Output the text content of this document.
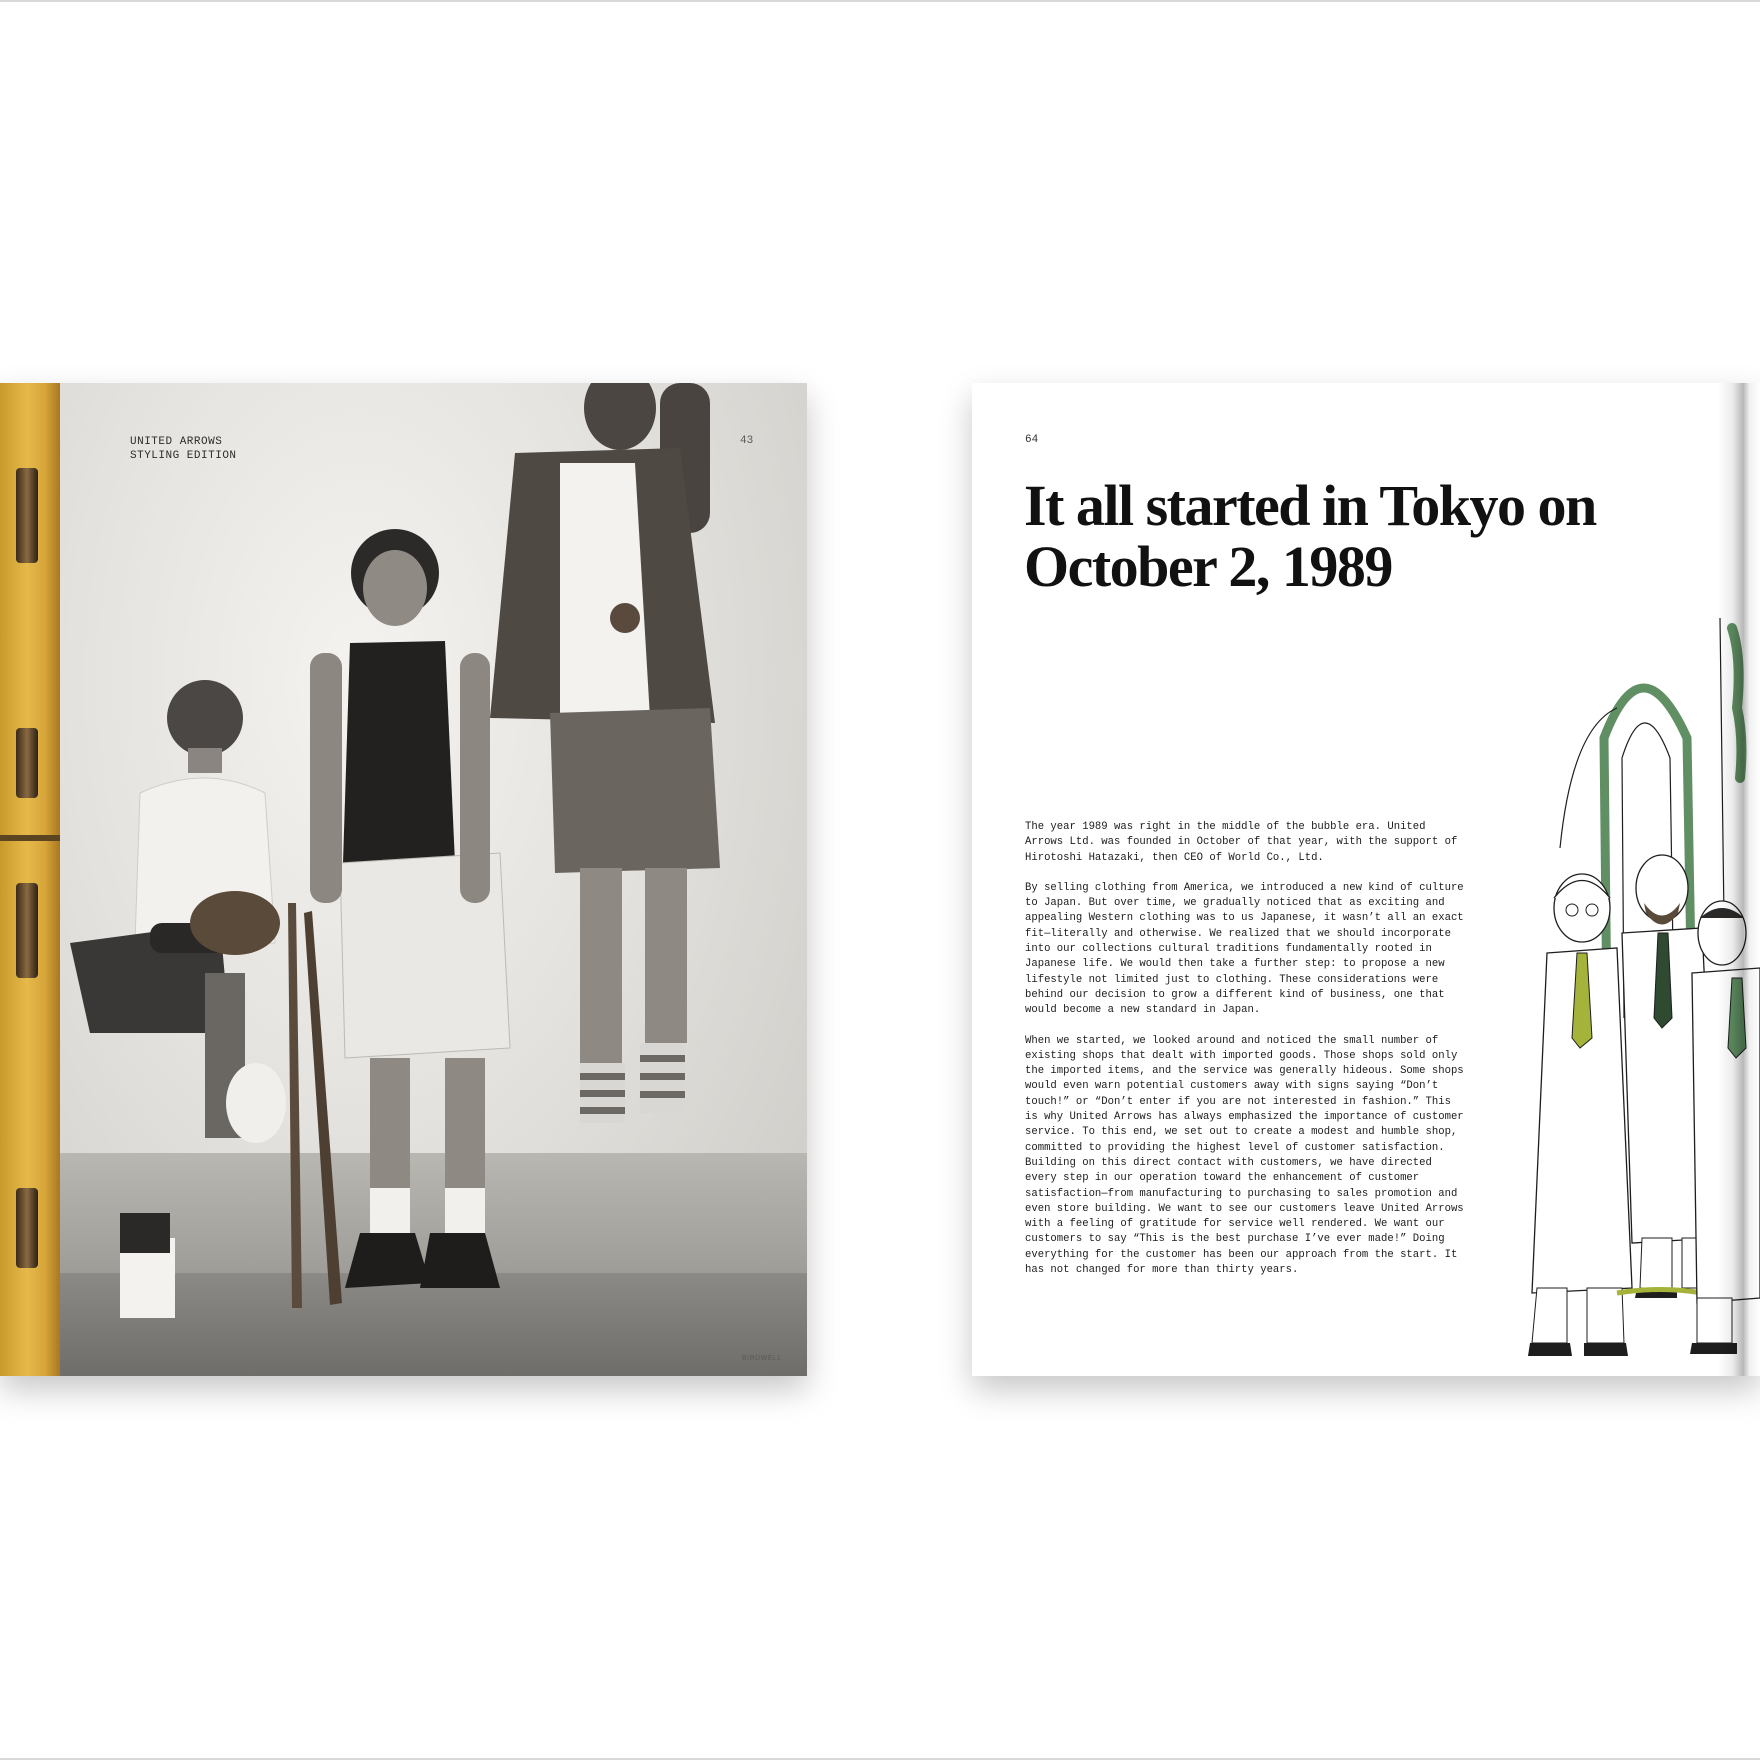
UNITED ARROWS
STYLING EDITION
43
BIRDWELL
64
It all started in Tokyo on October 2, 1989

The year 1989 was right in the middle of the bubble era. United Arrows Ltd. was founded in October of that year, with the support of Hirotoshi Hatazaki, then CEO of World Co., Ltd.

By selling clothing from America, we introduced a new kind of culture to Japan. But over time, we gradually noticed that as exciting and appealing Western clothing was to us Japanese, it wasn’t all an exact fit—literally and otherwise. We realized that we should incorporate into our collections cultural traditions fundamentally rooted in Japanese life. We would then take a further step: to propose a new lifestyle not limited just to clothing. These considerations were behind our decision to grow a different kind of business, one that would become a new standard in Japan.

When we started, we looked around and noticed the small number of existing shops that dealt with imported goods. Those shops sold only the imported items, and the service was generally hideous. Some shops would even warn potential customers away with signs saying “Don’t touch!” or “Don’t enter if you are not interested in fashion.” This is why United Arrows has always emphasized the importance of customer service. To this end, we set out to create a modest and humble shop, committed to providing the highest level of customer satisfaction. Building on this direct contact with customers, we have directed every step in our operation toward the enhancement of customer satisfaction—from manufacturing to purchasing to sales promotion and even store building. We want to see our customers leave United Arrows with a feeling of gratitude for service well rendered. We want our customers to say “This is the best purchase I’ve ever made!” Doing everything for the customer has been our approach from the start. It has not changed for more than thirty years.
